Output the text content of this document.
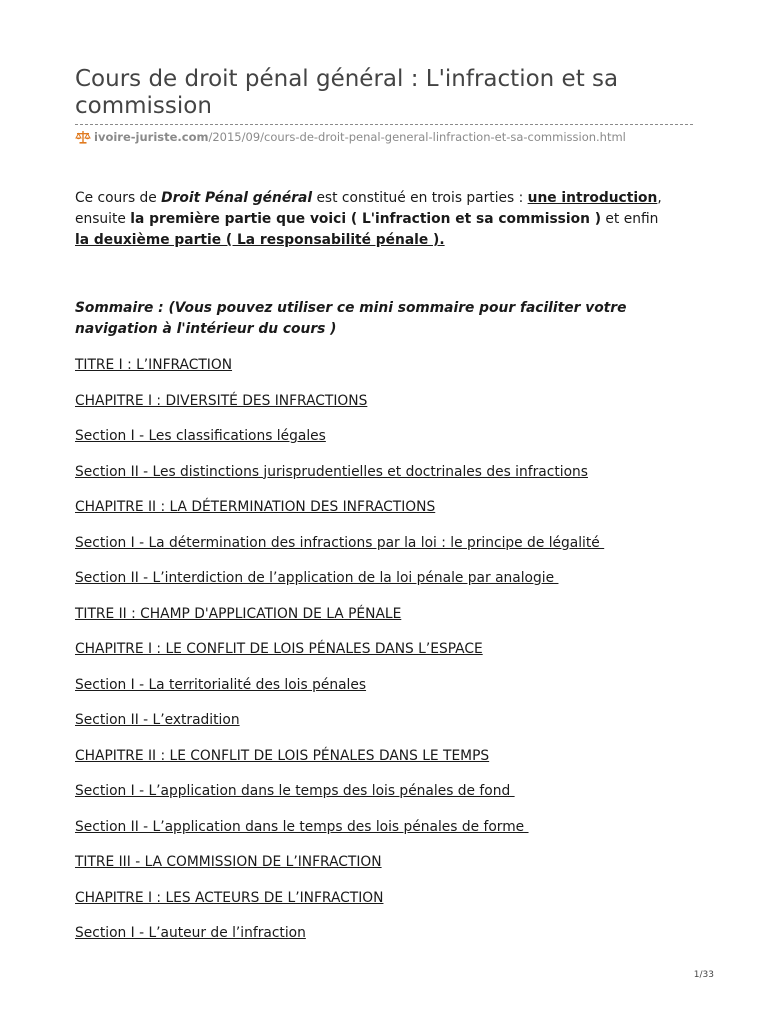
Cours de droit pénal général : L'infraction et sa commission
ivoire-juriste.com /2015/09/cours-de-droit-penal-general-linfraction-et-sa-commission.html

Ce cours de Droit Pénal général est constitué en trois parties : une introduction, ensuite la première partie que voici ( L'infraction et sa commission ) et enfin la deuxième partie ( La responsabilité pénale ).

Sommaire : (Vous pouvez utiliser ce mini sommaire pour faciliter votre navigation à l'intérieur du cours )

TITRE I : L’INFRACTION
CHAPITRE I : DIVERSITÉ DES INFRACTIONS
Section I - Les classifications légales
Section II - Les distinctions jurisprudentielles et doctrinales des infractions
CHAPITRE II : LA DÉTERMINATION DES INFRACTIONS
Section I - La détermination des infractions par la loi : le principe de légalité
Section II - L’interdiction de l’application de la loi pénale par analogie
TITRE II : CHAMP D'APPLICATION DE LA PÉNALE
CHAPITRE I : LE CONFLIT DE LOIS PÉNALES DANS L’ESPACE
Section I - La territorialité des lois pénales
Section II - L’extradition
CHAPITRE II : LE CONFLIT DE LOIS PÉNALES DANS LE TEMPS
Section I - L’application dans le temps des lois pénales de fond
Section II - L’application dans le temps des lois pénales de forme
TITRE III - LA COMMISSION DE L’INFRACTION
CHAPITRE I : LES ACTEURS DE L’INFRACTION
Section I - L’auteur de l’infraction
1/33
